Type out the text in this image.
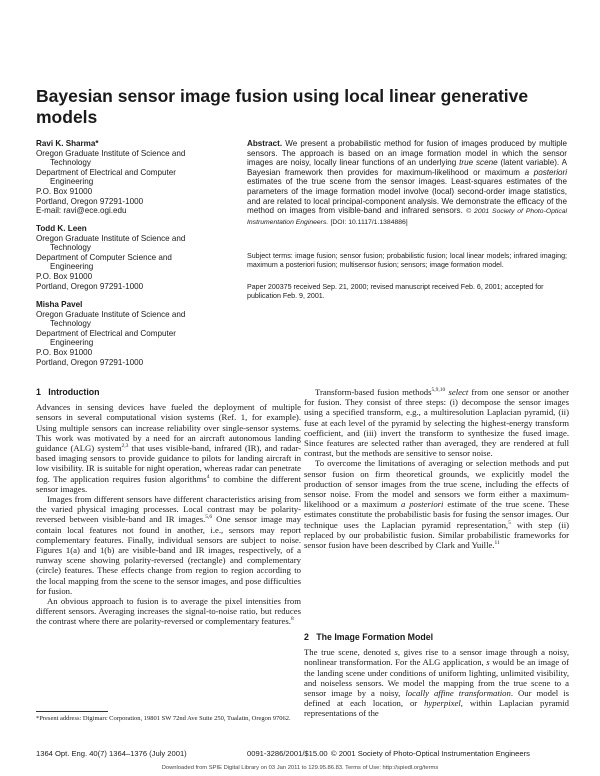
Bayesian sensor image fusion using local linear generative models
Ravi K. Sharma*
Oregon Graduate Institute of Science and
Technology
Department of Electrical and Computer
Engineering
P.O. Box 91000
Portland, Oregon 97291-1000
E-mail: ravi@ece.ogi.edu
Todd K. Leen
Oregon Graduate Institute of Science and
Technology
Department of Computer Science and
Engineering
P.O. Box 91000
Portland, Oregon 97291-1000
Misha Pavel
Oregon Graduate Institute of Science and
Technology
Department of Electrical and Computer
Engineering
P.O. Box 91000
Portland, Oregon 97291-1000
Abstract. We present a probabilistic method for fusion of images produced by multiple sensors. The approach is based on an image formation model in which the sensor images are noisy, locally linear functions of an underlying true scene (latent variable). A Bayesian framework then provides for maximum-likelihood or maximum a posteriori estimates of the true scene from the sensor images. Least-squares estimates of the parameters of the image formation model involve (local) second-order image statistics, and are related to local principal-component analysis. We demonstrate the efficacy of the method on images from visible-band and infrared sensors. © 2001 Society of Photo-Optical Instrumentation Engineers. [DOI: 10.1117/1.1384886]
Subject terms: image fusion; sensor fusion; probabilistic fusion; local linear models; infrared imaging; maximum a posteriori fusion; multisensor fusion; sensors; image formation model.
Paper 200375 received Sep. 21, 2000; revised manuscript received Feb. 6, 2001; accepted for publication Feb. 9, 2001.
1 Introduction

Advances in sensing devices have fueled the deployment of multiple sensors in several computational vision systems (Ref. 1, for example). Using multiple sensors can increase reliability over single-sensor systems. This work was motivated by a need for an aircraft autonomous landing guidance (ALG) system$^{2,3}$ that uses visible-band, infrared (IR), and radar-based imaging sensors to provide guidance to pilots for landing aircraft in low visibility. IR is suitable for night operation, whereas radar can penetrate fog. The application requires fusion algorithms$^4$ to combine the different sensor images.

Images from different sensors have different characteristics arising from the varied physical imaging processes. Local contrast may be polarity-reversed between visible-band and IR images.$^{5,6}$ One sensor image may contain local features not found in another, i.e., sensors may report complementary features. Finally, individual sensors are subject to noise. Figures 1(a) and 1(b) are visible-band and IR images, respectively, of a runway scene showing polarity-reversed (rectangle) and complementary (circle) features. These effects change from region to region according to the local mapping from the scene to the sensor images, and pose difficulties for fusion.

An obvious approach to fusion is to average the pixel intensities from different sensors. Averaging increases the signal-to-noise ratio, but reduces the contrast where there are polarity-reversed or complementary features.$^8$

*Present address: Digimarc Corporation, 19801 SW 72nd Ave Suite 250, Tualatin, Oregon 97062.

Transform-based fusion methods$^{5,9,10}$ select from one sensor or another for fusion. They consist of three steps: (i) decompose the sensor images using a specified transform, e.g., a multiresolution Laplacian pyramid, (ii) fuse at each level of the pyramid by selecting the highest-energy transform coefficient, and (iii) invert the transform to synthesize the fused image. Since features are selected rather than averaged, they are rendered at full contrast, but the methods are sensitive to sensor noise.

To overcome the limitations of averaging or selection methods and put sensor fusion on firm theoretical grounds, we explicitly model the production of sensor images from the true scene, including the effects of sensor noise. From the model and sensors we form either a maximum-likelihood or a maximum a posteriori estimate of the true scene. These estimates constitute the probabilistic basis for fusing the sensor images. Our technique uses the Laplacian pyramid representation,$^5$ with step (ii) replaced by our probabilistic fusion. Similar probabilistic frameworks for sensor fusion have been described by Clark and Yuille.$^{11}$

2 The Image Formation Model

The true scene, denoted s, gives rise to a sensor image through a noisy, nonlinear transformation. For the ALG application, s would be an image of the landing scene under conditions of uniform lighting, unlimited visibility, and noiseless sensors. We model the mapping from the true scene to a sensor image by a noisy, locally affine transformation. Our model is defined at each location, or hyperpixel, within Laplacian pyramid representations of the

1364 Opt. Eng. 40(7) 1364–1376 (July 2001)	0091-3286/2001/$15.00 © 2001 Society of Photo-Optical Instrumentation Engineers
Downloaded from SPIE Digital Library on 03 Jan 2011 to 129.95.86.83. Terms of Use: http://spiedl.org/terms
